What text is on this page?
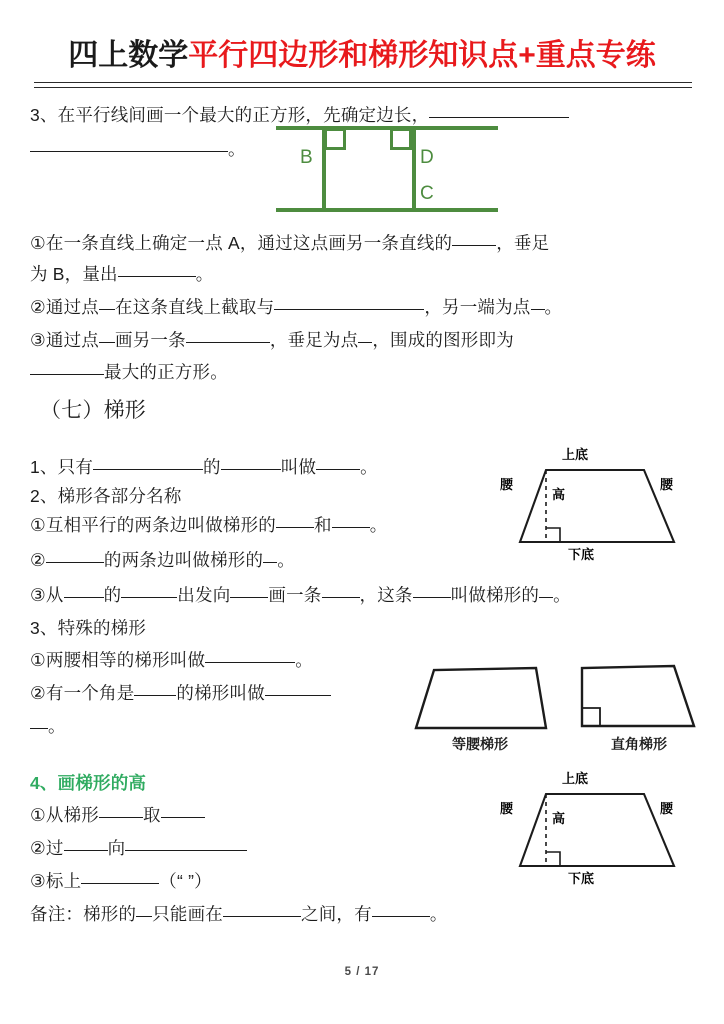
四上数学平行四边形和梯形知识点+重点专练
3、在平行线间画一个最大的正方形，先确定边长，
。	B	D
C
①在一条直线上确定一点 A，通过这点画另一条直线的	，垂足
为 B，量出	。
②通过点 在这条直线上截取与	，另一端为点 。
③通过点 画另一条	，垂足为点 ，围成的图形即为
最大的正方形。
（七）梯形
1、只有	的	叫做	。
2、梯形各部分名称
①互相平行的两条边叫做梯形的 和 。
②	的两条边叫做梯形的 。
③从 的	出发向 画一条 ，这条 叫做梯形的 。
3、特殊的梯形
①两腰相等的梯形叫做	。
②有一个角是 的梯形叫做
。
4、画梯形的高
①从梯形	取
②过	向
③标上	（“ ”）
备注：梯形的 只能画在	之间，有	。
上底
下底
腰	腰
高
等腰梯形	直角梯形
上底
下底
腰	腰
高
5 / 17
